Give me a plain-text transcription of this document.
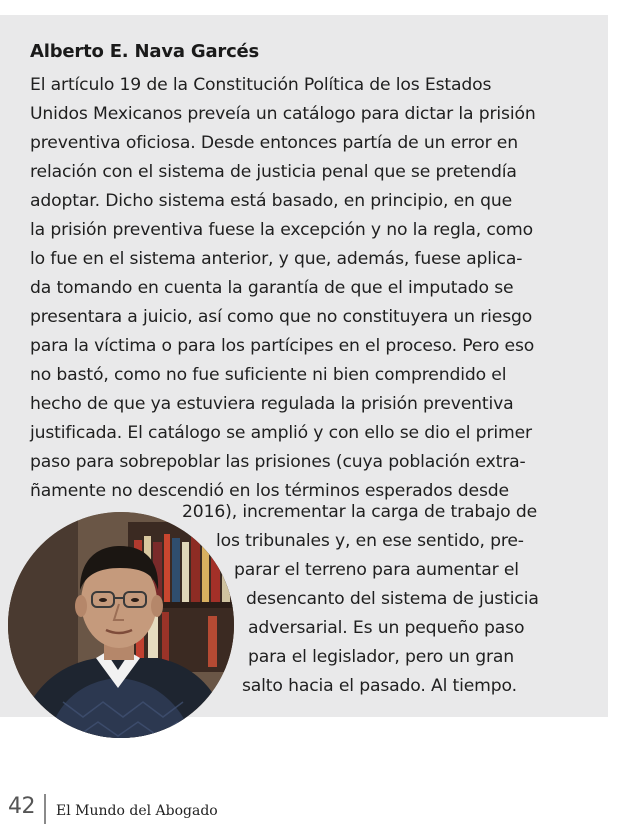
Alberto E. Nava Garcés
El artículo 19 de la Constitución Política de los Estados
Unidos Mexicanos preveía un catálogo para dictar la prisión
preventiva oficiosa. Desde entonces partía de un error en
relación con el sistema de justicia penal que se pretendía
adoptar. Dicho sistema está basado, en principio, en que
la prisión preventiva fuese la excepción y no la regla, como
lo fue en el sistema anterior, y que, además, fuese aplica-
da tomando en cuenta la garantía de que el imputado se
presentara a juicio, así como que no constituyera un riesgo
para la víctima o para los partícipes en el proceso. Pero eso
no bastó, como no fue suficiente ni bien comprendido el
hecho de que ya estuviera regulada la prisión preventiva
justificada. El catálogo se amplió y con ello se dio el primer
paso para sobrepoblar las prisiones (cuya población extra-
ñamente no descendió en los términos esperados desde
2016), incrementar la carga de trabajo de
los tribunales y, en ese sentido, pre-
parar el terreno para aumentar el
desencanto del sistema de justicia
adversarial. Es un pequeño paso
para el legislador, pero un gran
salto hacia el pasado. Al tiempo.
42 El Mundo del Abogado
